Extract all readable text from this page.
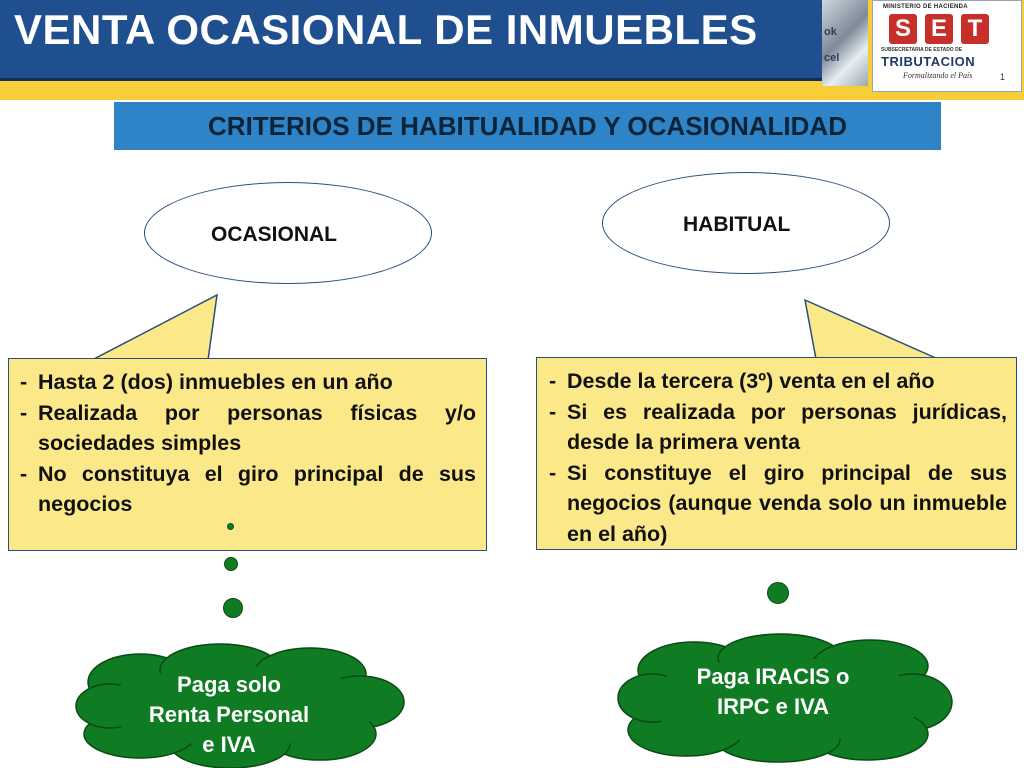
VENTA OCASIONAL DE INMUEBLES	ok
cel
MINISTERIO DE HACIENDA
S E T
SUBSECRETARIA DE ESTADO DE
TRIBUTACION
Formalizando el País	1
CRITERIOS DE HABITUALIDAD Y OCASIONALIDAD
OCASIONAL	HABITUAL
- Hasta 2 (dos) inmuebles en un año
- Realizada por personas físicas y/o sociedades simples
- No constituya el giro principal de sus negocios
- Desde la tercera (3º) venta en el año
- Si es realizada por personas jurídicas, desde la primera venta
- Si constituye el giro principal de sus negocios (aunque venda solo un inmueble en el año)
Paga solo
Renta Personal
e IVA
Paga IRACIS o
IRPC e IVA
